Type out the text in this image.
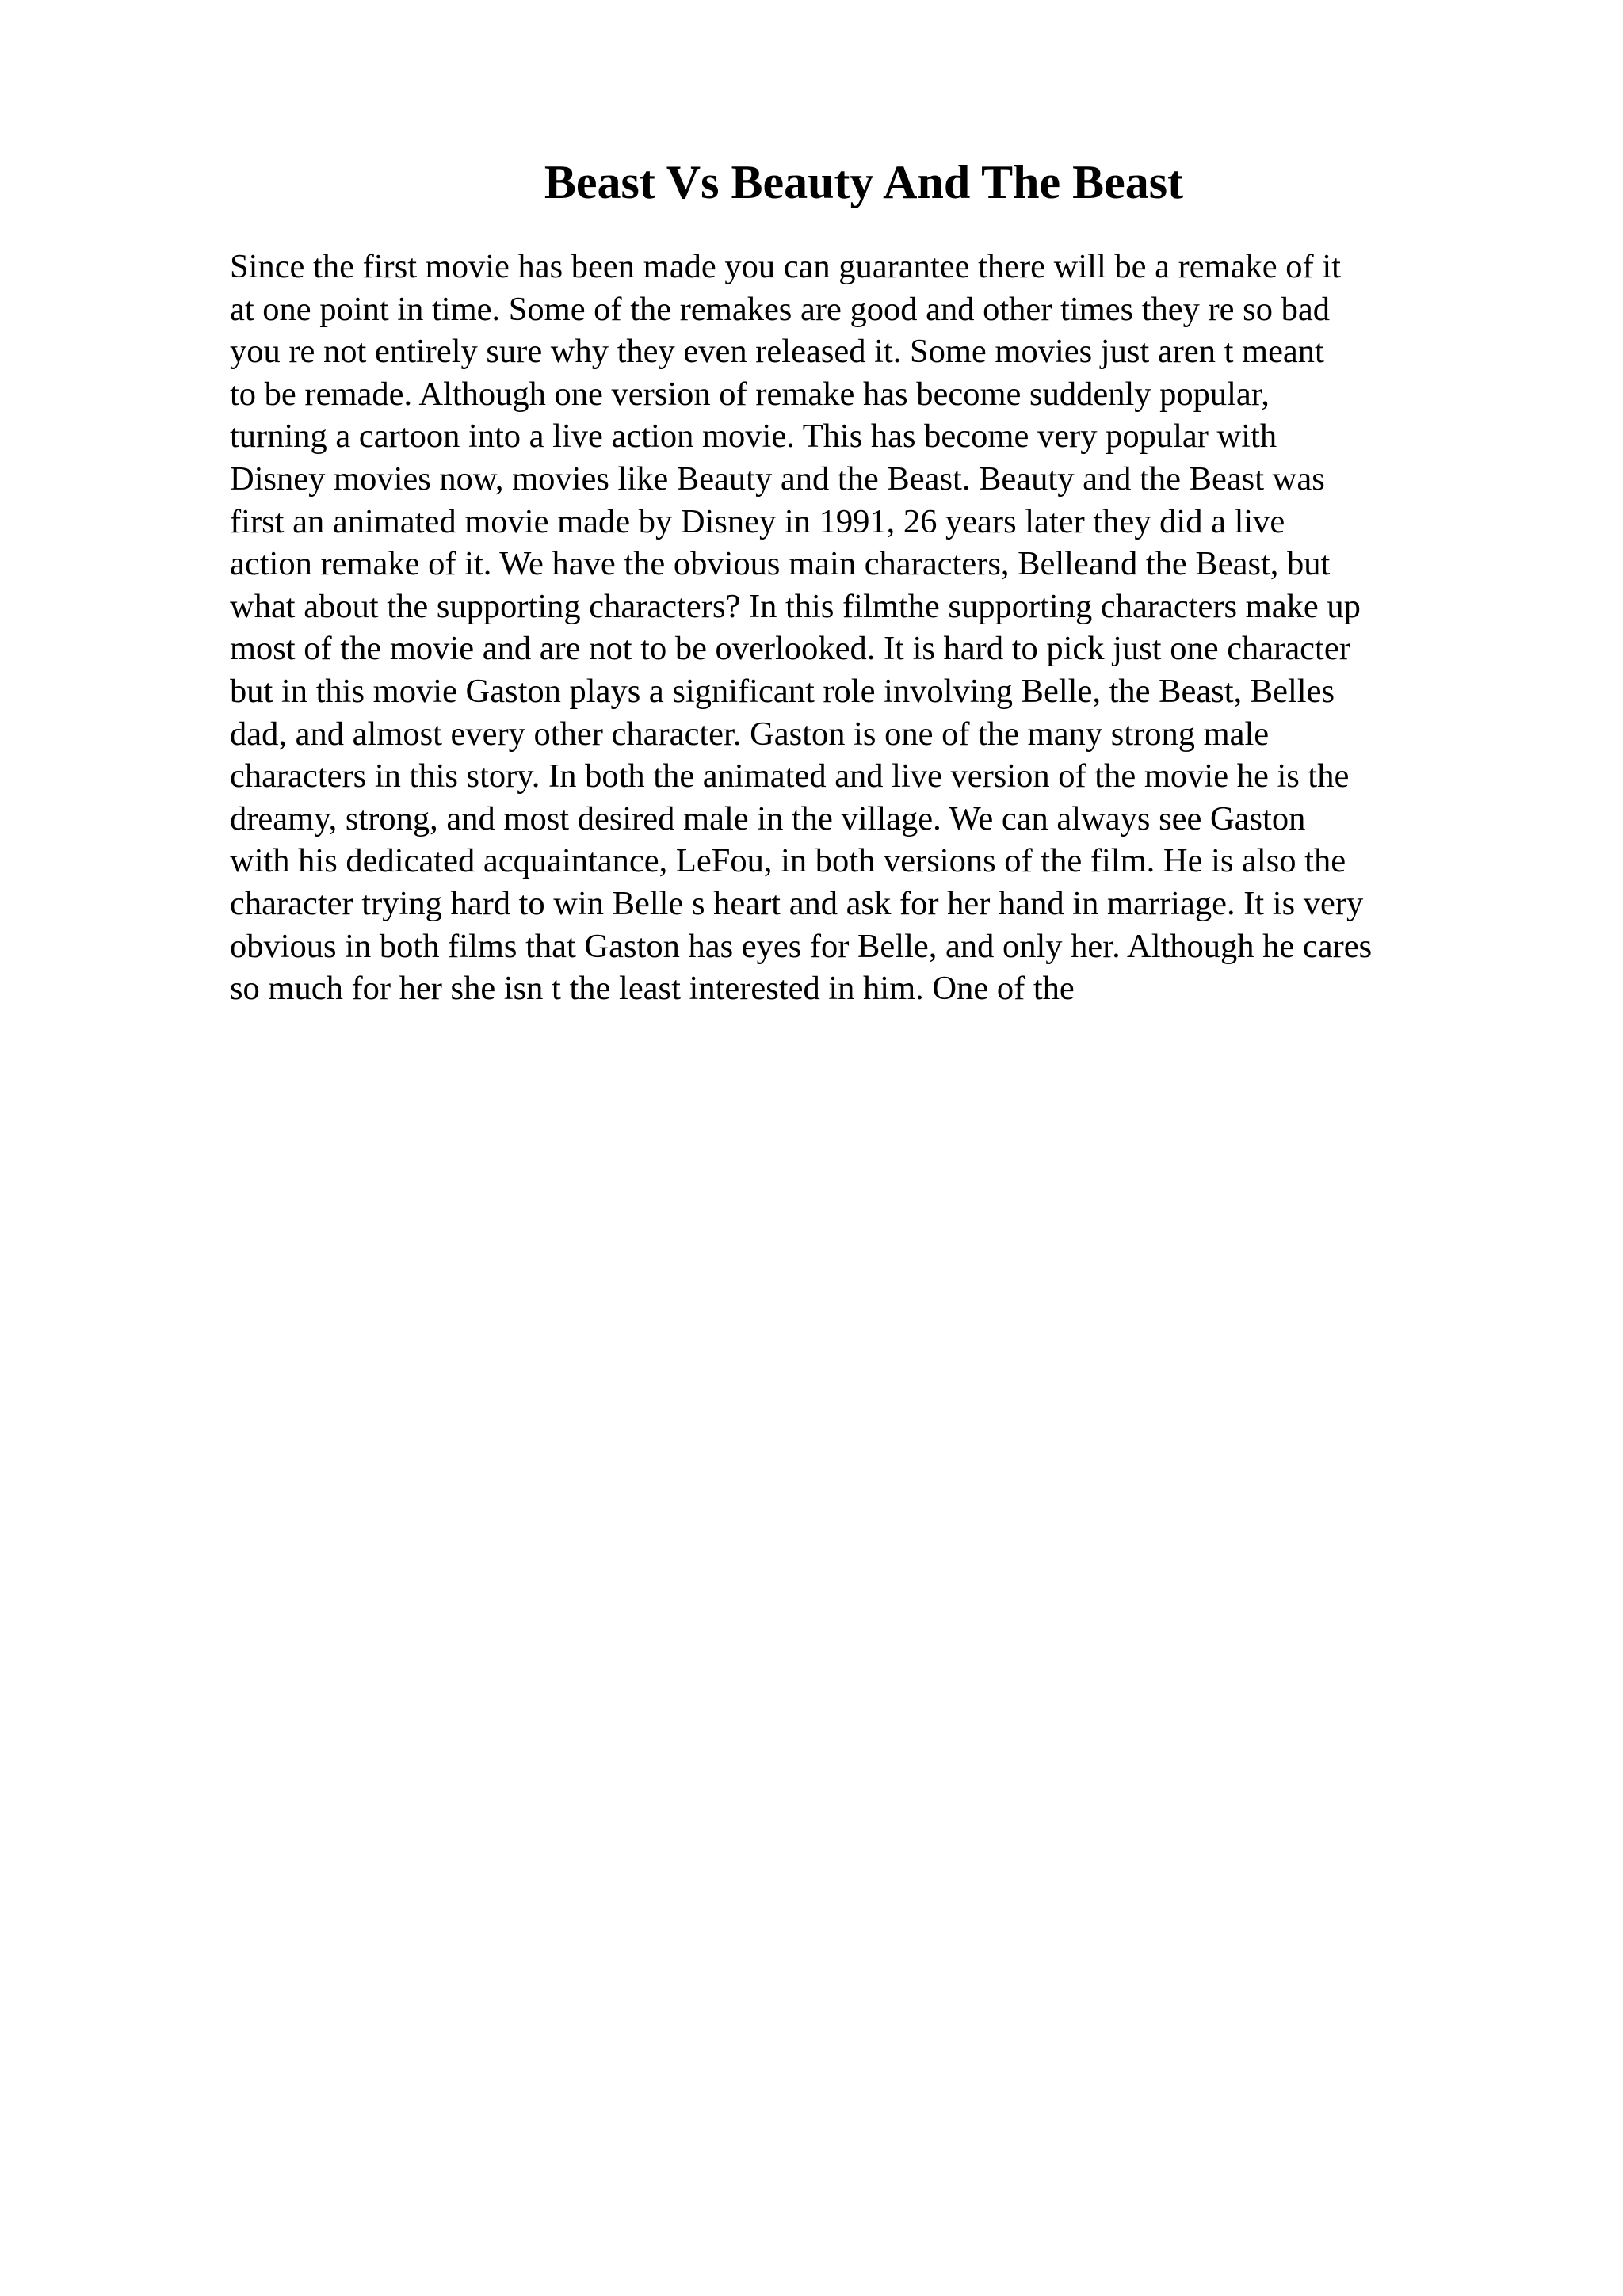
Beast Vs Beauty And The Beast
Since the first movie has been made you can guarantee there will be a remake of it
at one point in time. Some of the remakes are good and other times they re so bad
you re not entirely sure why they even released it. Some movies just aren t meant
to be remade. Although one version of remake has become suddenly popular,
turning a cartoon into a live action movie. This has become very popular with
Disney movies now, movies like Beauty and the Beast. Beauty and the Beast was
first an animated movie made by Disney in 1991, 26 years later they did a live
action remake of it. We have the obvious main characters, Belleand the Beast, but
what about the supporting characters? In this filmthe supporting characters make up
most of the movie and are not to be overlooked. It is hard to pick just one character
but in this movie Gaston plays a significant role involving Belle, the Beast, Belles
dad, and almost every other character. Gaston is one of the many strong male
characters in this story. In both the animated and live version of the movie he is the
dreamy, strong, and most desired male in the village. We can always see Gaston
with his dedicated acquaintance, LeFou, in both versions of the film. He is also the
character trying hard to win Belle s heart and ask for her hand in marriage. It is very
obvious in both films that Gaston has eyes for Belle, and only her. Although he cares
so much for her she isn t the least interested in him. One of the
